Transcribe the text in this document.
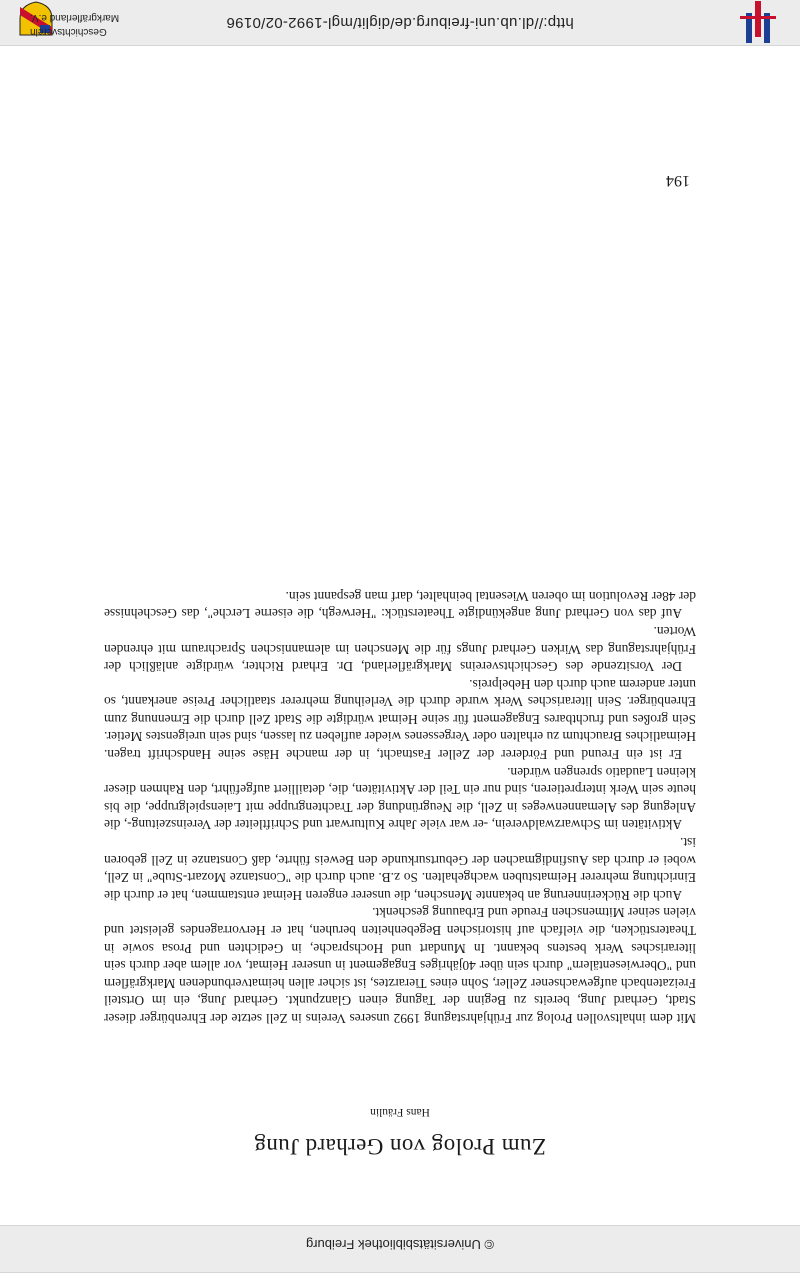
Geschichtsverein
Markgräflerland e.V.	http://dl.ub.uni-freiburg.de/diglit/mgl-1992-02/0196
© Universitätsbibliothek Freiburg
Zum Prolog von Gerhard Jung
Hans Fräulin

Mit dem inhaltsvollen Prolog zur Frühjahrstagung 1992 unseres Vereins in Zell setzte der Ehrenbürger dieser Stadt, Gerhard Jung, bereits zu Beginn der Tagung einen Glanzpunkt. Gerhard Jung, ein im Ortsteil Freizatenbach aufgewachsener Zeller, Sohn eines Tierarztes, ist sicher allen heimatverbundenen Markgräflern und "Oberwiesentälern" durch sein über 40jähriges Engagement in unserer Heimat, vor allem aber durch sein literarisches Werk bestens bekannt. In Mundart und Hochsprache, in Gedichten und Prosa sowie in Theaterstücken, die vielfach auf historischen Begebenheiten beruhen, hat er Hervorragendes geleistet und vielen seiner Mitmenschen Freude und Erbauung geschenkt.

Auch die Rückerinnerung an bekannte Menschen, die unserer engeren Heimat entstammen, hat er durch die Einrichtung mehrerer Heimatstuben wachgehalten. So z.B. auch durch die "Constanze Mozart-Stube" in Zell, wobei er durch das Ausfindigmachen der Geburtsurkunde den Beweis führte, daß Constanze in Zell geboren ist.

Aktivitäten im Schwarzwaldverein, -er war viele Jahre Kulturwart und Schriftleiter der Vereinszeitung-, die Anlegung des Alemannenweges in Zell, die Neugründung der Trachtengruppe mit Laienspielgruppe, die bis heute sein Werk interpretieren, sind nur ein Teil der Aktivitäten, die, detailliert aufgeführt, den Rahmen dieser kleinen Laudatio sprengen würden.

Er ist ein Freund und Förderer der Zeller Fastnacht, in der manche Häse seine Handschrift tragen. Heimatliches Brauchtum zu erhalten oder Vergessenes wieder aufleben zu lassen, sind sein ureigenstes Metier. Sein großes und fruchtbares Engagement für seine Heimat würdigte die Stadt Zell durch die Ernennung zum Ehrenbürger. Sein literarisches Werk wurde durch die Verleihung mehrerer staatlicher Preise anerkannt, so unter anderem auch durch den Hebelpreis.

Der Vorsitzende des Geschichtsvereins Markgräflerland, Dr. Erhard Richter, würdigte anläßlich der Frühjahrstagung das Wirken Gerhard Jungs für die Menschen im alemannischen Sprachraum mit ehrenden Worten.

Auf das von Gerhard Jung angekündigte Theaterstück: "Herwegh, die eiserne Lerche", das Geschehnisse der 48er Revolution im oberen Wiesental beinhaltet, darf man gespannt sein.

194
